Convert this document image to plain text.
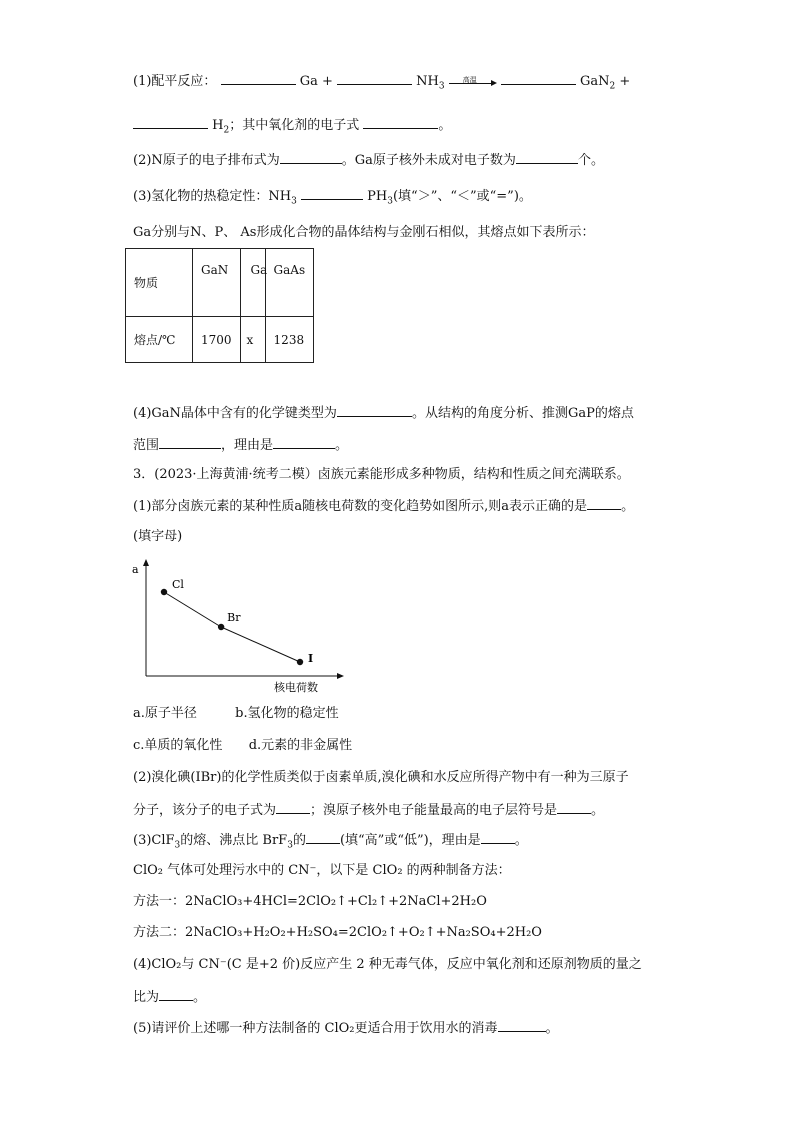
(1)配平反应：	Ga +	$NH_3$
高温	GaN$_2$ +
$H_2$；其中氧化剂的电子式	。
(2)N原子的电子排布式为	。Ga原子核外未成对电子数为	个。
(3)氢化物的热稳定性：$NH_3$	$PH_3$(填“＞”、“＜”或“=”)。
Ga分别与N、P、 As形成化合物的晶体结构与金刚石相似，其熔点如下表所示：
物质	GaN	Ga	GaAs
熔点/℃	1700	x	1238
(4)GaN晶体中含有的化学键类型为	。从结构的角度分析、推测GaP的熔点
范围	，理由是	。
3．(2023·上海黄浦·统考二模）卤族元素能形成多种物质，结构和性质之间充满联系。
(1)部分卤族元素的某种性质a随核电荷数的变化趋势如图所示,则a表示正确的是	。
(填字母)
a
核电荷数
Cl
Br
I
a.原子半径	b.氢化物的稳定性
c.单质的氧化性 d.元素的非金属性
(2)溴化碘(IBr)的化学性质类似于卤素单质,溴化碘和水反应所得产物中有一种为三原子
分子，该分子的电子式为	；溴原子核外电子能量最高的电子层符号是	。
(3)ClF$_3$的熔、沸点比 BrF$_3$的	(填“高”或“低”)，理由是	。
ClO₂ 气体可处理污水中的 CN⁻，以下是 ClO₂ 的两种制备方法：
方法一：2NaClO₃+4HCl=2ClO₂↑+Cl₂↑+2NaCl+2H₂O
方法二：2NaClO₃+H₂O₂+H₂SO₄=2ClO₂↑+O₂↑+Na₂SO₄+2H₂O
(4)ClO₂与 CN⁻(C 是+2 价)反应产生 2 种无毒气体，反应中氧化剂和还原剂物质的量之
比为	。
(5)请评价上述哪一种方法制备的 ClO₂更适合用于饮用水的消毒	。
